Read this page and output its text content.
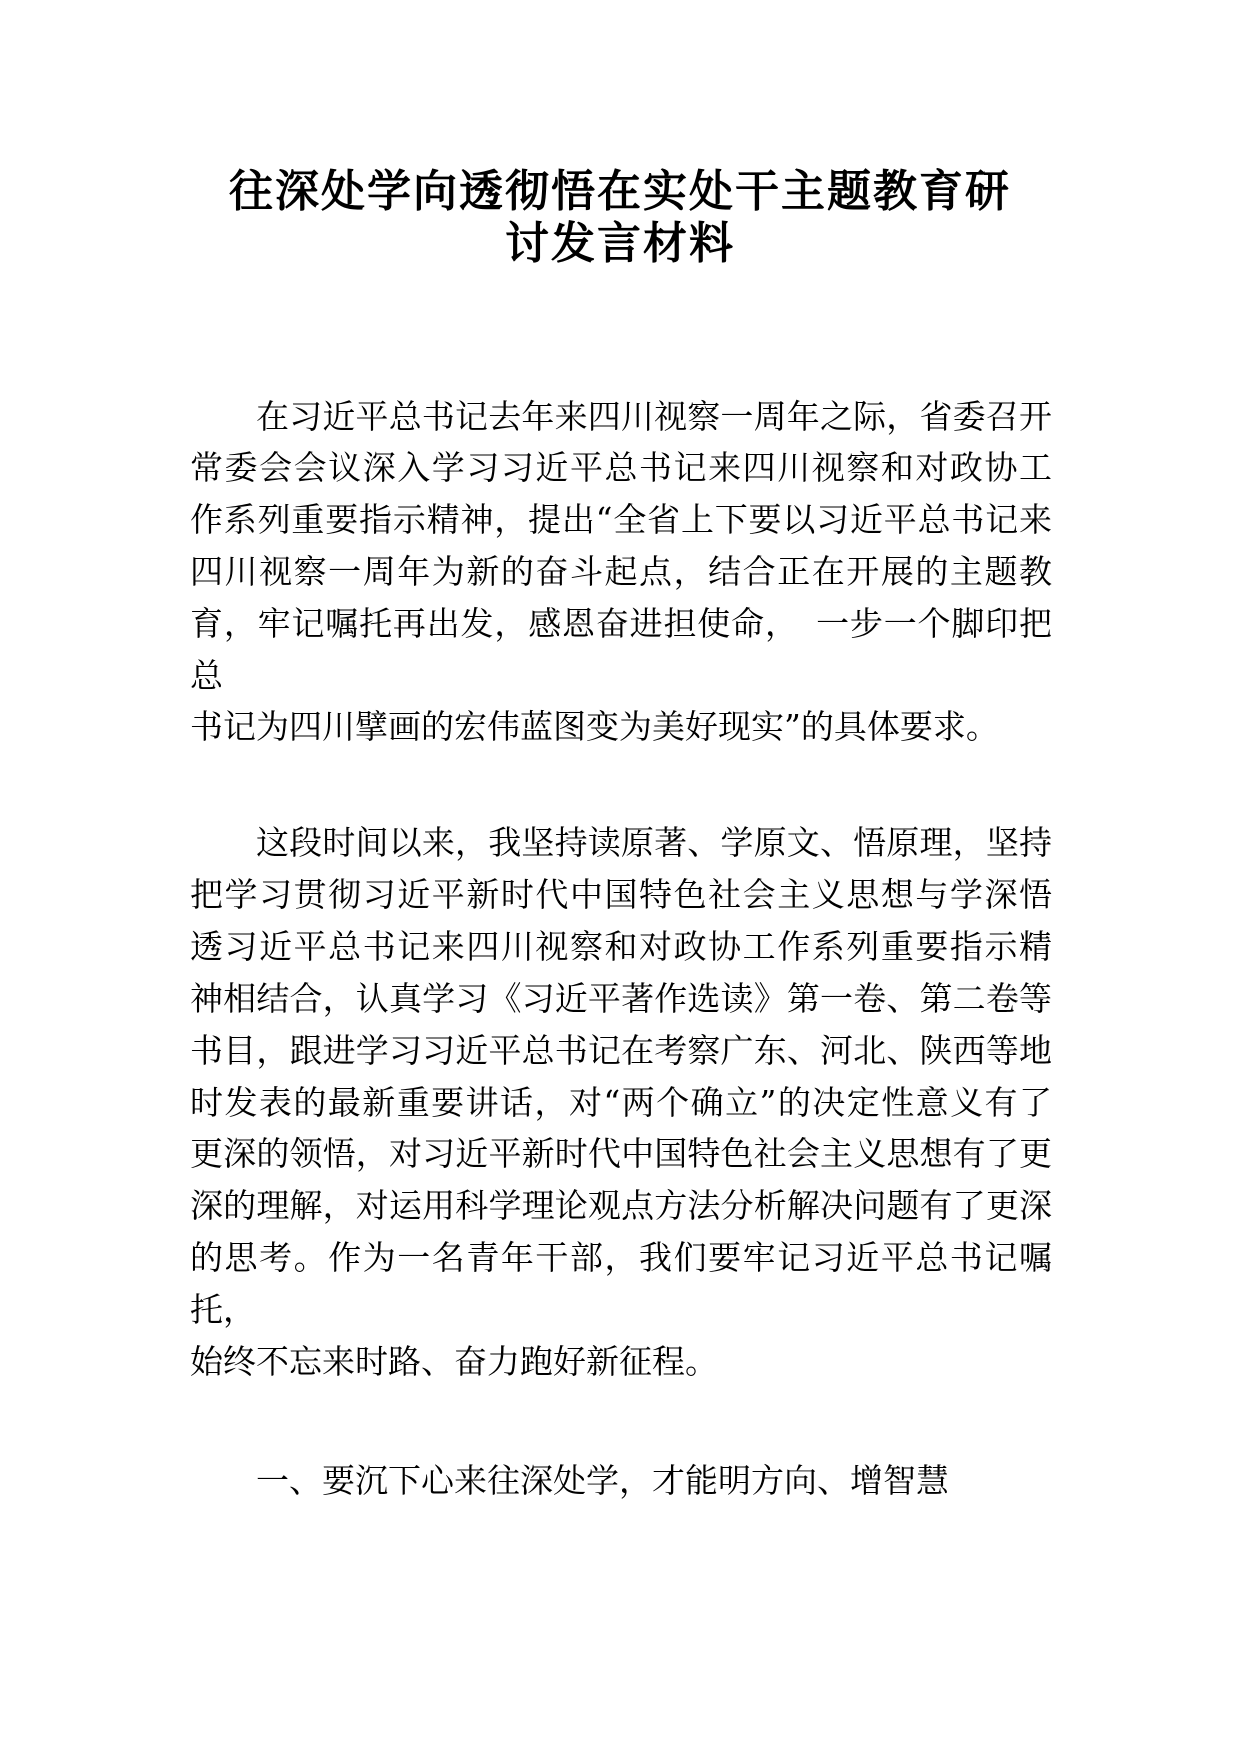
往深处学向透彻悟在实处干主题教育研
讨发言材料

在习近平总书记去年来四川视察一周年之际，省委召开

常委会会议深入学习习近平总书记来四川视察和对政协工

作系列重要指示精神，提出“全省上下要以习近平总书记来

四川视察一周年为新的奋斗起点，结合正在开展的主题教

育，牢记嘱托再出发，感恩奋进担使命，　一步一个脚印把

总

书记为四川擘画的宏伟蓝图变为美好现实”的具体要求。

这段时间以来，我坚持读原著、学原文、悟原理，坚持

把学习贯彻习近平新时代中国特色社会主义思想与学深悟

透习近平总书记来四川视察和对政协工作系列重要指示精

神相结合，认真学习《习近平著作选读》第一卷、第二卷等

书目，跟进学习习近平总书记在考察广东、河北、陕西等地

时发表的最新重要讲话，对“两个确立”的决定性意义有了

更深的领悟，对习近平新时代中国特色社会主义思想有了更

深的理解，对运用科学理论观点方法分析解决问题有了更深

的思考。作为一名青年干部，我们要牢记习近平总书记嘱

托，

始终不忘来时路、奋力跑好新征程。

一、要沉下心来往深处学，才能明方向、增智慧
